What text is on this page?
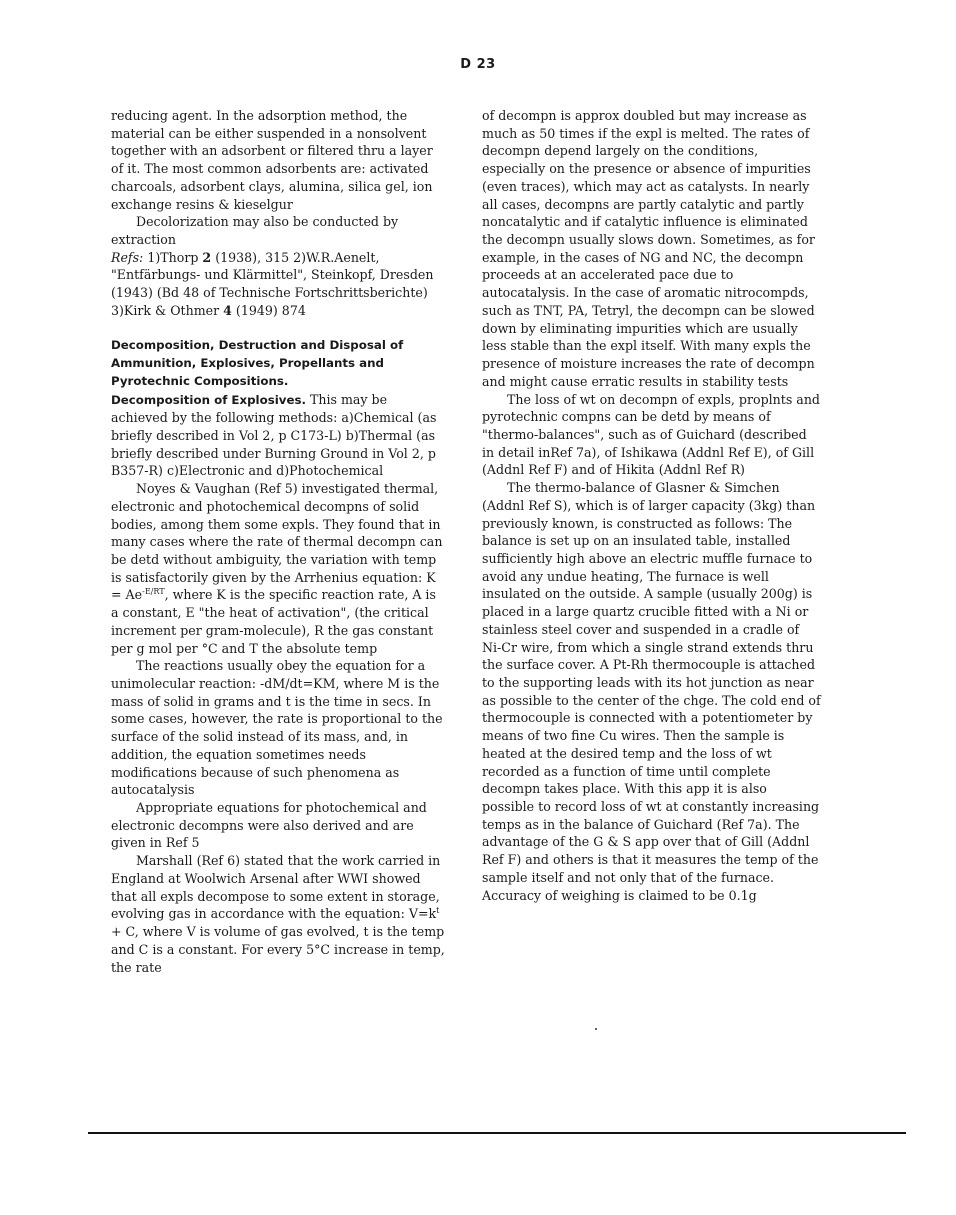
D 23

reducing agent. In the adsorption method, the material can be either suspended in a nonsolvent together with an adsorbent or filtered thru a layer of it. The most common adsorbents are: activated charcoals, adsorbent clays, alumina, silica gel, ion exchange resins & kieselgur

Decolorization may also be conducted by extraction

Refs: 1)Thorp 2 (1938), 315 2)W.R.Aenelt, "Entfärbungs- und Klärmittel", Steinkopf, Dresden (1943) (Bd 48 of Technische Fortschrittsberichte) 3)Kirk & Othmer 4 (1949) 874

Decomposition, Destruction and Disposal of Ammunition, Explosives, Propellants and Pyrotechnic Compositions.

Decomposition of Explosives. This may be achieved by the following methods: a)Chemical (as briefly described in Vol 2, p C173-L) b)Thermal (as briefly described under Burning Ground in Vol 2, p B357-R) c)Electronic and d)Photochemical

Noyes & Vaughan (Ref 5) investigated thermal, electronic and photochemical decompns of solid bodies, among them some expls. They found that in many cases where the rate of thermal decompn can be detd without ambiguity, the variation with temp is satisfactorily given by the Arrhenius equation: $K = Ae^{-E/RT}$, where K is the specific reaction rate, A is a constant, E "the heat of activation", (the critical increment per gram-molecule), R the gas constant per g mol per °C and T the absolute temp

The reactions usually obey the equation for a unimolecular reaction: -dM/dt=KM, where M is the mass of solid in grams and t is the time in secs. In some cases, however, the rate is proportional to the surface of the solid instead of its mass, and, in addition, the equation sometimes needs modifications because of such phenomena as autocatalysis

Appropriate equations for photochemical and electronic decompns were also derived and are given in Ref 5

Marshall (Ref 6) stated that the work carried in England at Woolwich Arsenal after WWI showed that all expls decompose to some extent in storage, evolving gas in accordance with the equation: $V=k^t + C$, where V is volume of gas evolved, t is the temp and C is a constant. For every 5°C increase in temp, the rate

of decompn is approx doubled but may increase as much as 50 times if the expl is melted. The rates of decompn depend largely on the conditions, especially on the presence or absence of impurities (even traces), which may act as catalysts. In nearly all cases, decompns are partly catalytic and partly noncatalytic and if catalytic influence is eliminated the decompn usually slows down. Sometimes, as for example, in the cases of NG and NC, the decompn proceeds at an accelerated pace due to autocatalysis. In the case of aromatic nitrocompds, such as TNT, PA, Tetryl, the decompn can be slowed down by eliminating impurities which are usually less stable than the expl itself. With many expls the presence of moisture increases the rate of decompn and might cause erratic results in stability tests

The loss of wt on decompn of expls, proplnts and pyrotechnic compns can be detd by means of "thermo-balances", such as of Guichard (described in detail inRef 7a), of Ishikawa (Addnl Ref E), of Gill (Addnl Ref F) and of Hikita (Addnl Ref R)

The thermo-balance of Glasner & Simchen (Addnl Ref S), which is of larger capacity (3kg) than previously known, is constructed as follows: The balance is set up on an insulated table, installed sufficiently high above an electric muffle furnace to avoid any undue heating, The furnace is well insulated on the outside. A sample (usually 200g) is placed in a large quartz crucible fitted with a Ni or stainless steel cover and suspended in a cradle of Ni-Cr wire, from which a single strand extends thru the surface cover. A Pt-Rh thermocouple is attached to the supporting leads with its hot junction as near as possible to the center of the chge. The cold end of thermocouple is connected with a potentiometer by means of two fine Cu wires. Then the sample is heated at the desired temp and the loss of wt recorded as a function of time until complete decompn takes place. With this app it is also possible to record loss of wt at constantly increasing temps as in the balance of Guichard (Ref 7a). The advantage of the G & S app over that of Gill (Addnl Ref F) and others is that it measures the temp of the sample itself and not only that of the furnace. Accuracy of weighing is claimed to be 0.1g
